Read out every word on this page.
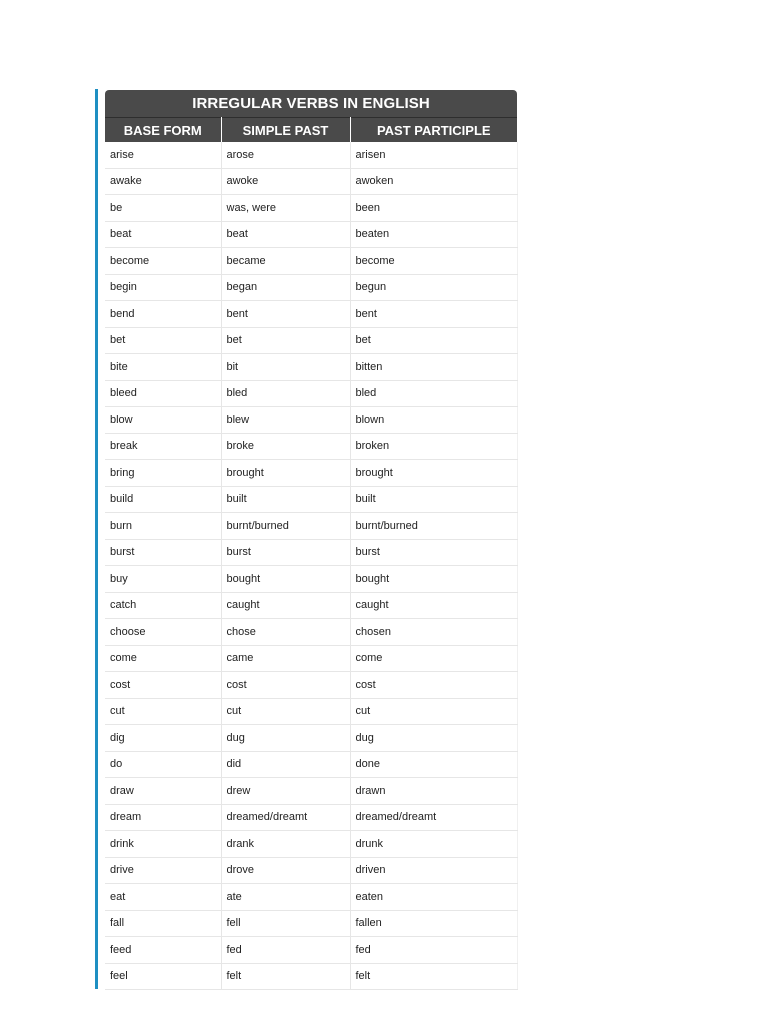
IRREGULAR VERBS IN ENGLISH		
BASE FORM	SIMPLE PAST	PAST PARTICIPLE
arise	arose	arisen
awake	awoke	awoken
be	was, were	been
beat	beat	beaten
become	became	become
begin	began	begun
bend	bent	bent
bet	bet	bet
bite	bit	bitten
bleed	bled	bled
blow	blew	blown
break	broke	broken
bring	brought	brought
build	built	built
burn	burnt/burned	burnt/burned
burst	burst	burst
buy	bought	bought
catch	caught	caught
choose	chose	chosen
come	came	come
cost	cost	cost
cut	cut	cut
dig	dug	dug
do	did	done
draw	drew	drawn
dream	dreamed/dreamt	dreamed/dreamt
drink	drank	drunk
drive	drove	driven
eat	ate	eaten
fall	fell	fallen
feed	fed	fed
feel	felt	felt
